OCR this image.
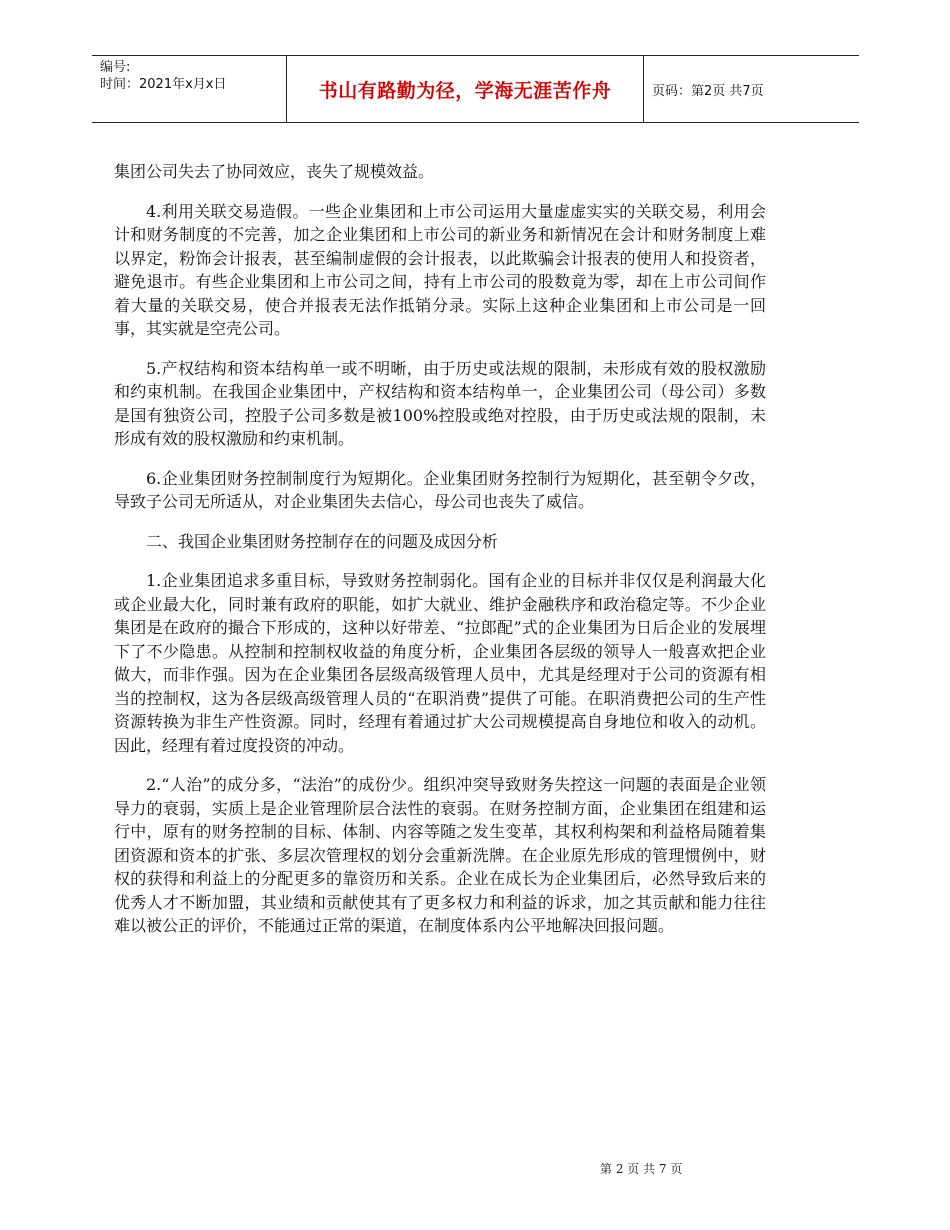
编号:
时间：2021年x月x日	书山有路勤为径，学海无涯苦作舟	页码：第2页 共7页

集团公司失去了协同效应，丧失了规模效益。

4.利用关联交易造假。一些企业集团和上市公司运用大量虚虚实实的关联交易，利用会计和财务制度的不完善，加之企业集团和上市公司的新业务和新情况在会计和财务制度上难以界定，粉饰会计报表，甚至编制虚假的会计报表，以此欺骗会计报表的使用人和投资者，避免退市。有些企业集团和上市公司之间，持有上市公司的股数竟为零，却在上市公司间作着大量的关联交易，使合并报表无法作抵销分录。实际上这种企业集团和上市公司是一回事，其实就是空壳公司。

5.产权结构和资本结构单一或不明晰，由于历史或法规的限制，未形成有效的股权激励和约束机制。在我国企业集团中，产权结构和资本结构单一，企业集团公司（母公司）多数是国有独资公司，控股子公司多数是被100%控股或绝对控股，由于历史或法规的限制，未形成有效的股权激励和约束机制。

6.企业集团财务控制制度行为短期化。企业集团财务控制行为短期化，甚至朝令夕改，导致子公司无所适从，对企业集团失去信心，母公司也丧失了威信。

二、我国企业集团财务控制存在的问题及成因分析

1.企业集团追求多重目标，导致财务控制弱化。国有企业的目标并非仅仅是利润最大化或企业最大化，同时兼有政府的职能，如扩大就业、维护金融秩序和政治稳定等。不少企业集团是在政府的撮合下形成的，这种以好带差、“拉郎配”式的企业集团为日后企业的发展埋下了不少隐患。从控制和控制权收益的角度分析，企业集团各层级的领导人一般喜欢把企业做大，而非作强。因为在企业集团各层级高级管理人员中，尤其是经理对于公司的资源有相当的控制权，这为各层级高级管理人员的“在职消费”提供了可能。在职消费把公司的生产性资源转换为非生产性资源。同时，经理有着通过扩大公司规模提高自身地位和收入的动机。因此，经理有着过度投资的冲动。

2.“人治”的成分多，“法治”的成份少。组织冲突导致财务失控这一问题的表面是企业领导力的衰弱，实质上是企业管理阶层合法性的衰弱。在财务控制方面，企业集团在组建和运行中，原有的财务控制的目标、体制、内容等随之发生变革，其权利构架和利益格局随着集团资源和资本的扩张、多层次管理权的划分会重新洗牌。在企业原先形成的管理惯例中，财权的获得和利益上的分配更多的靠资历和关系。企业在成长为企业集团后，必然导致后来的优秀人才不断加盟，其业绩和贡献使其有了更多权力和利益的诉求，加之其贡献和能力往往难以被公正的评价，不能通过正常的渠道，在制度体系内公平地解决回报问题。

第 2 页 共 7 页
